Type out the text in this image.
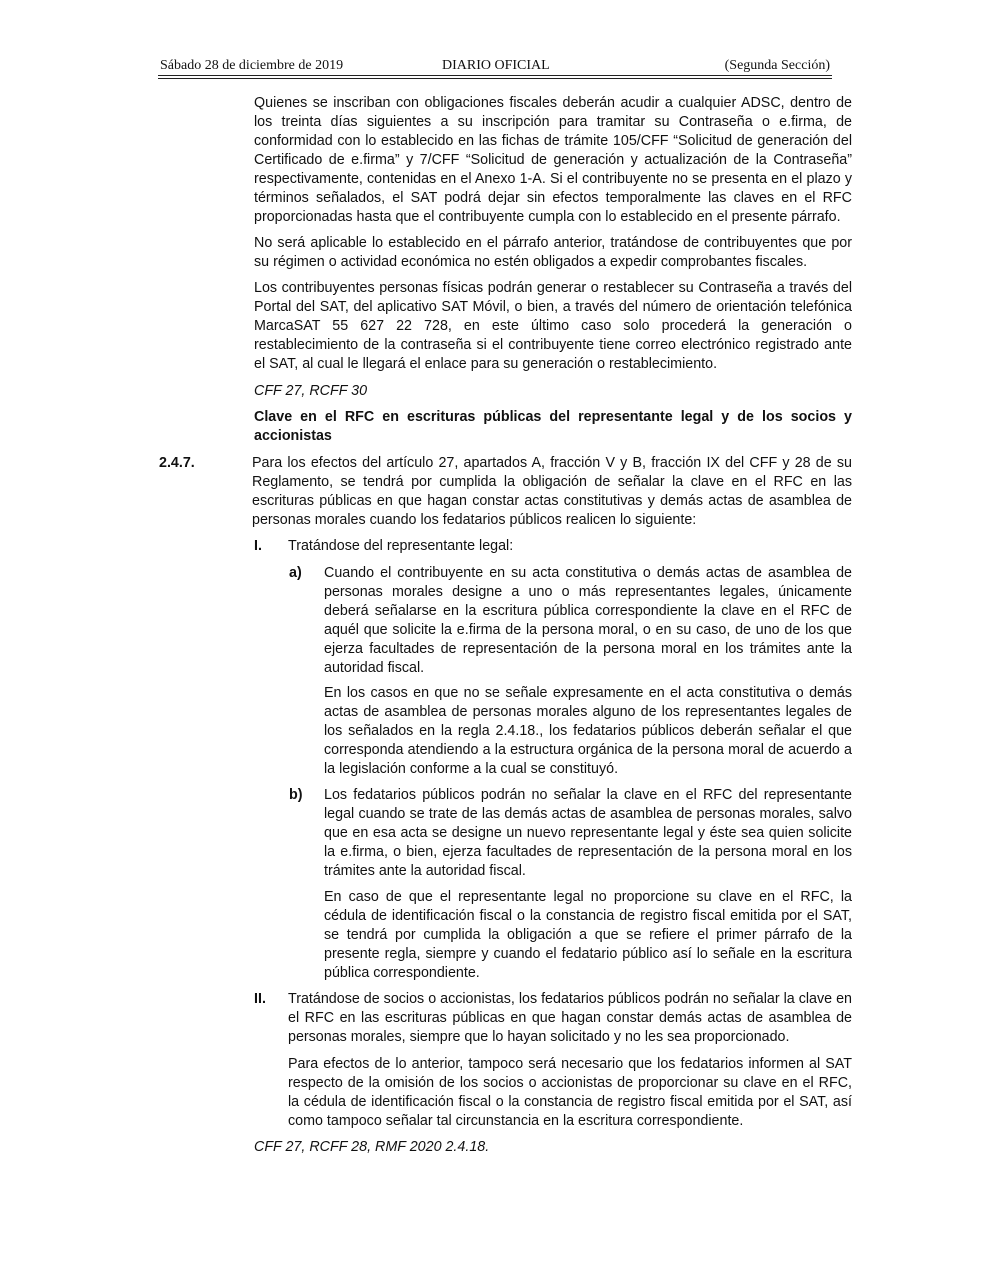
Sábado 28 de diciembre de 2019	DIARIO OFICIAL	(Segunda Sección)

Quienes se inscriban con obligaciones fiscales deberán acudir a cualquier ADSC, dentro de los treinta días siguientes a su inscripción para tramitar su Contraseña o e.firma, de conformidad con lo establecido en las fichas de trámite 105/CFF “Solicitud de generación del Certificado de e.firma” y 7/CFF “Solicitud de generación y actualización de la Contraseña” respectivamente, contenidas en el Anexo 1-A. Si el contribuyente no se presenta en el plazo y términos señalados, el SAT podrá dejar sin efectos temporalmente las claves en el RFC proporcionadas hasta que el contribuyente cumpla con lo establecido en el presente párrafo.

No será aplicable lo establecido en el párrafo anterior, tratándose de contribuyentes que por su régimen o actividad económica no estén obligados a expedir comprobantes fiscales.

Los contribuyentes personas físicas podrán generar o restablecer su Contraseña a través del Portal del SAT, del aplicativo SAT Móvil, o bien, a través del número de orientación telefónica MarcaSAT 55 627 22 728, en este último caso solo procederá la generación o restablecimiento de la contraseña si el contribuyente tiene correo electrónico registrado ante el SAT, al cual le llegará el enlace para su generación o restablecimiento.

CFF 27, RCFF 30

Clave en el RFC en escrituras públicas del representante legal y de los socios y accionistas

2.4.7.	Para los efectos del artículo 27, apartados A, fracción V y B, fracción IX del CFF y 28 de su Reglamento, se tendrá por cumplida la obligación de señalar la clave en el RFC en las escrituras públicas en que hagan constar actas constitutivas y demás actas de asamblea de personas morales cuando los fedatarios públicos realicen lo siguiente:

I. Tratándose del representante legal:

a) Cuando el contribuyente en su acta constitutiva o demás actas de asamblea de personas morales designe a uno o más representantes legales, únicamente deberá señalarse en la escritura pública correspondiente la clave en el RFC de aquél que solicite la e.firma de la persona moral, o en su caso, de uno de los que ejerza facultades de representación de la persona moral en los trámites ante la autoridad fiscal.

En los casos en que no se señale expresamente en el acta constitutiva o demás actas de asamblea de personas morales alguno de los representantes legales de los señalados en la regla 2.4.18., los fedatarios públicos deberán señalar el que corresponda atendiendo a la estructura orgánica de la persona moral de acuerdo a la legislación conforme a la cual se constituyó.

b) Los fedatarios públicos podrán no señalar la clave en el RFC del representante legal cuando se trate de las demás actas de asamblea de personas morales, salvo que en esa acta se designe un nuevo representante legal y éste sea quien solicite la e.firma, o bien, ejerza facultades de representación de la persona moral en los trámites ante la autoridad fiscal.

En caso de que el representante legal no proporcione su clave en el RFC, la cédula de identificación fiscal o la constancia de registro fiscal emitida por el SAT, se tendrá por cumplida la obligación a que se refiere el primer párrafo de la presente regla, siempre y cuando el fedatario público así lo señale en la escritura pública correspondiente.

II. Tratándose de socios o accionistas, los fedatarios públicos podrán no señalar la clave en el RFC en las escrituras públicas en que hagan constar demás actas de asamblea de personas morales, siempre que lo hayan solicitado y no les sea proporcionado.

Para efectos de lo anterior, tampoco será necesario que los fedatarios informen al SAT respecto de la omisión de los socios o accionistas de proporcionar su clave en el RFC, la cédula de identificación fiscal o la constancia de registro fiscal emitida por el SAT, así como tampoco señalar tal circunstancia en la escritura correspondiente.

CFF 27, RCFF 28, RMF 2020 2.4.18.
